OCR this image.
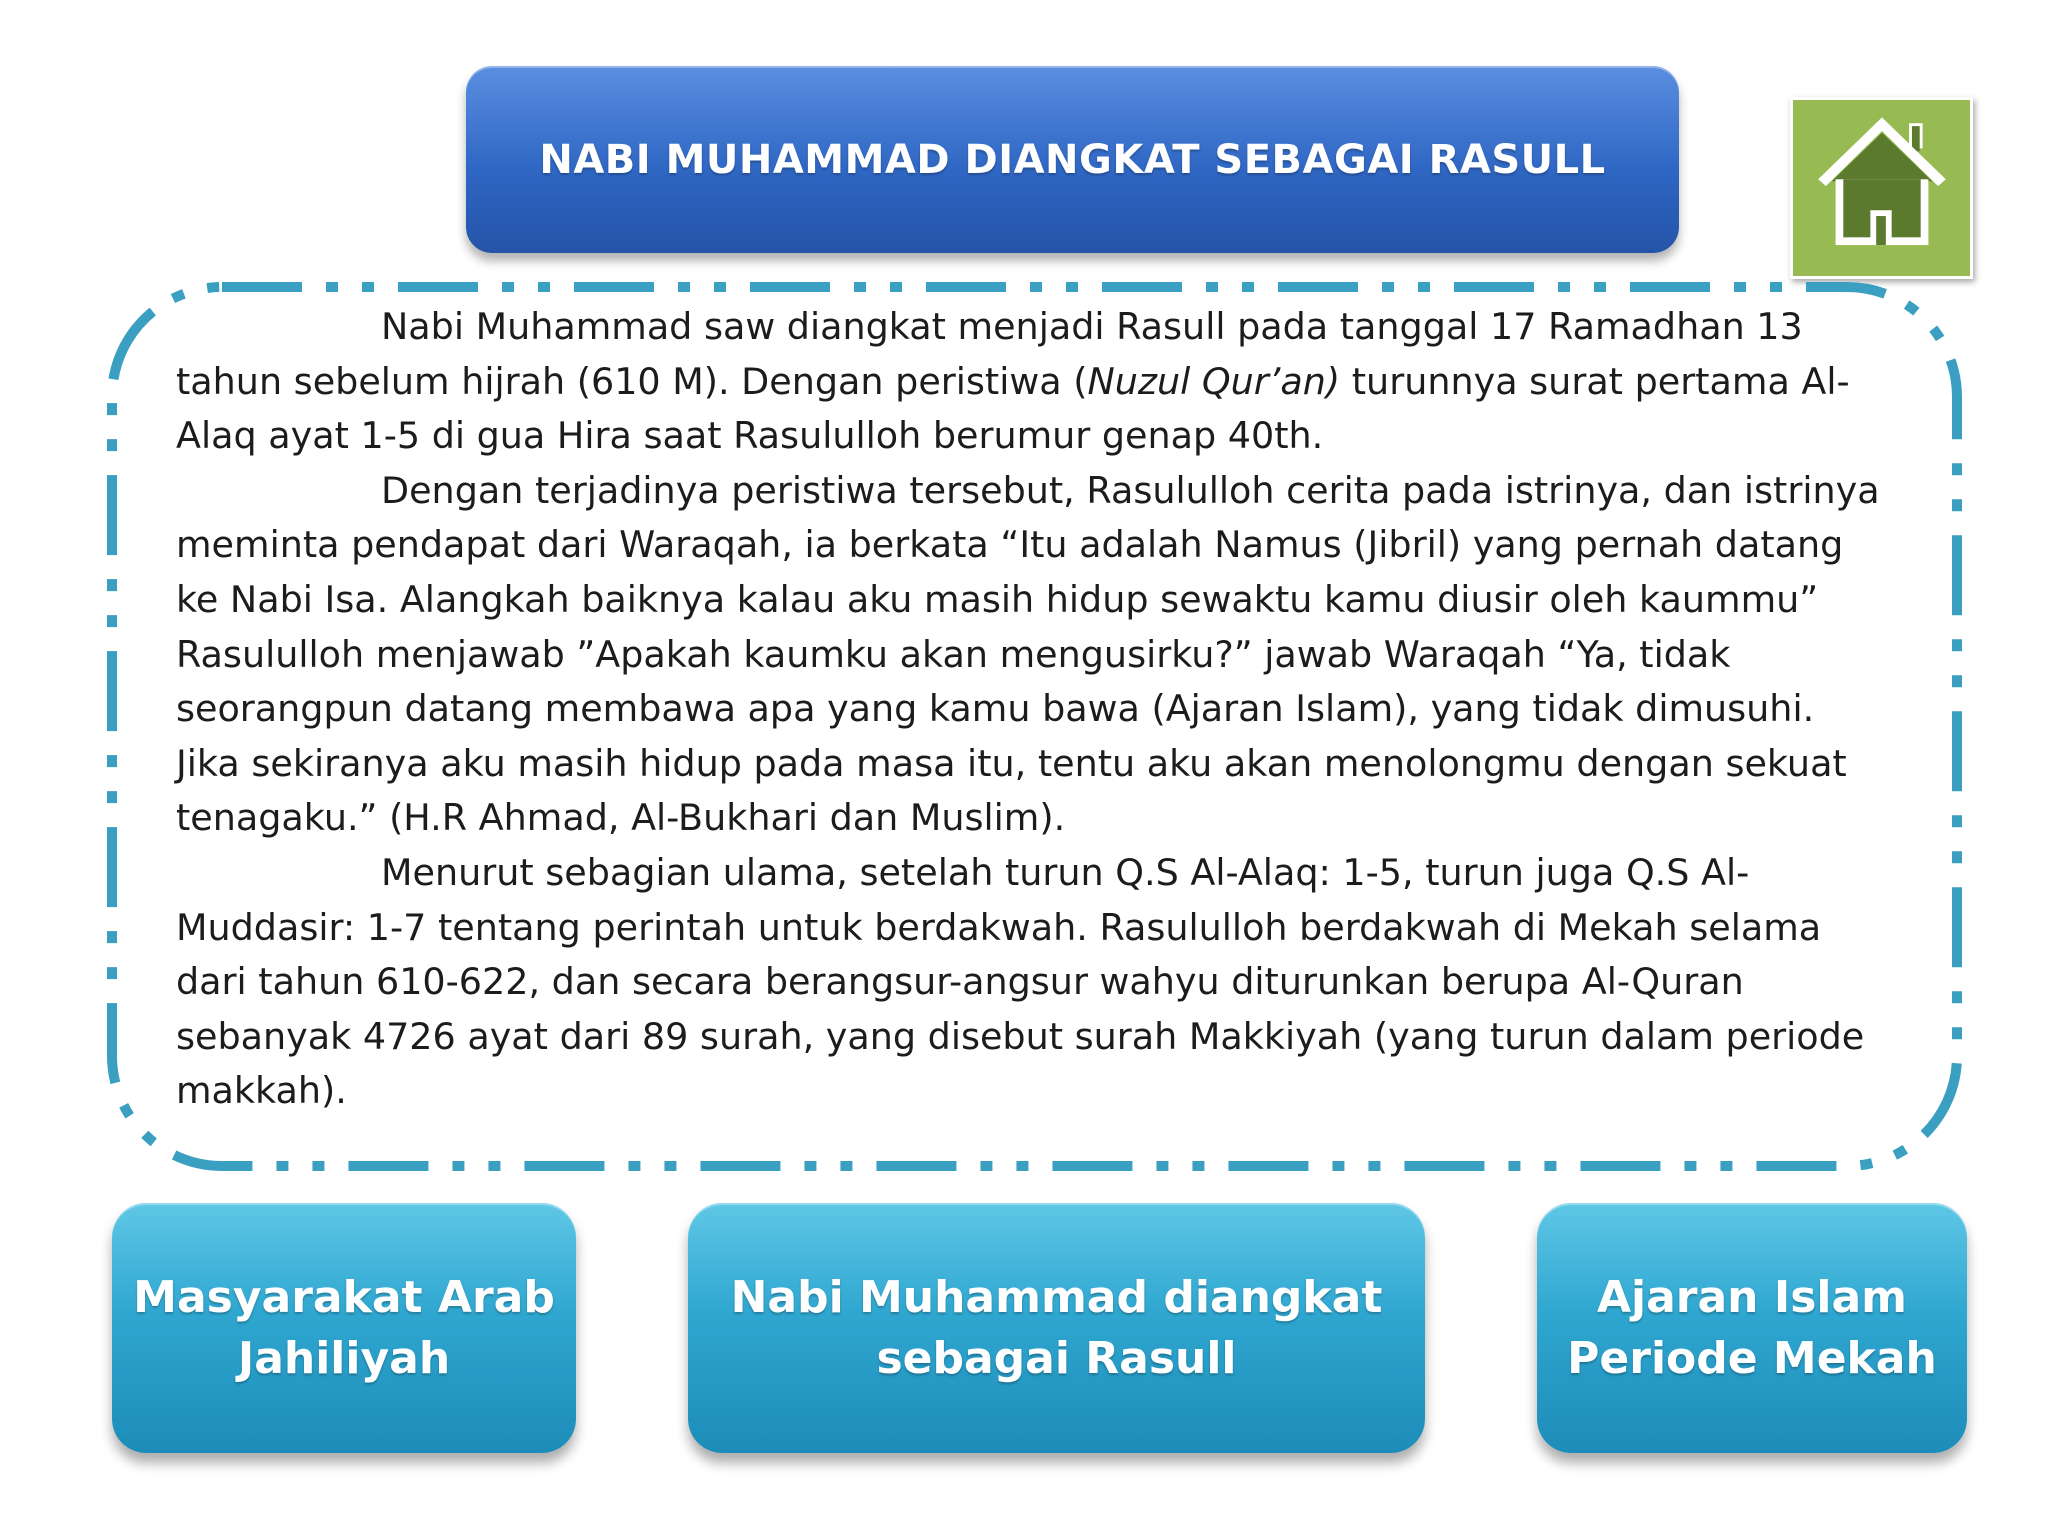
NABI MUHAMMAD DIANGKAT SEBAGAI RASULL

Nabi Muhammad saw diangkat menjadi Rasull pada tanggal 17 Ramadhan 13 tahun sebelum hijrah (610 M). Dengan peristiwa (Nuzul Qur’an) turunnya surat pertama Al-Alaq ayat 1-5 di gua Hira saat Rasululloh berumur genap 40th.

Dengan terjadinya peristiwa tersebut, Rasululloh cerita pada istrinya, dan istrinya meminta pendapat dari Waraqah, ia berkata “Itu adalah Namus (Jibril) yang pernah datang ke Nabi Isa. Alangkah baiknya kalau aku masih hidup sewaktu kamu diusir oleh kaummu” Rasululloh menjawab ”Apakah kaumku akan mengusirku?” jawab Waraqah “Ya, tidak seorangpun datang membawa apa yang kamu bawa (Ajaran Islam), yang tidak dimusuhi. Jika sekiranya aku masih hidup pada masa itu, tentu aku akan menolongmu dengan sekuat tenagaku.” (H.R Ahmad, Al-Bukhari dan Muslim).

Menurut sebagian ulama, setelah turun Q.S Al-Alaq: 1-5, turun juga Q.S Al-Muddasir: 1-7 tentang perintah untuk berdakwah. Rasululloh berdakwah di Mekah selama dari tahun 610-622, dan secara berangsur-angsur wahyu diturunkan berupa Al-Quran sebanyak 4726 ayat dari 89 surah, yang disebut surah Makkiyah (yang turun dalam periode makkah).

Masyarakat Arab
Jahiliyah
Nabi Muhammad diangkat
sebagai Rasull
Ajaran Islam
Periode Mekah
